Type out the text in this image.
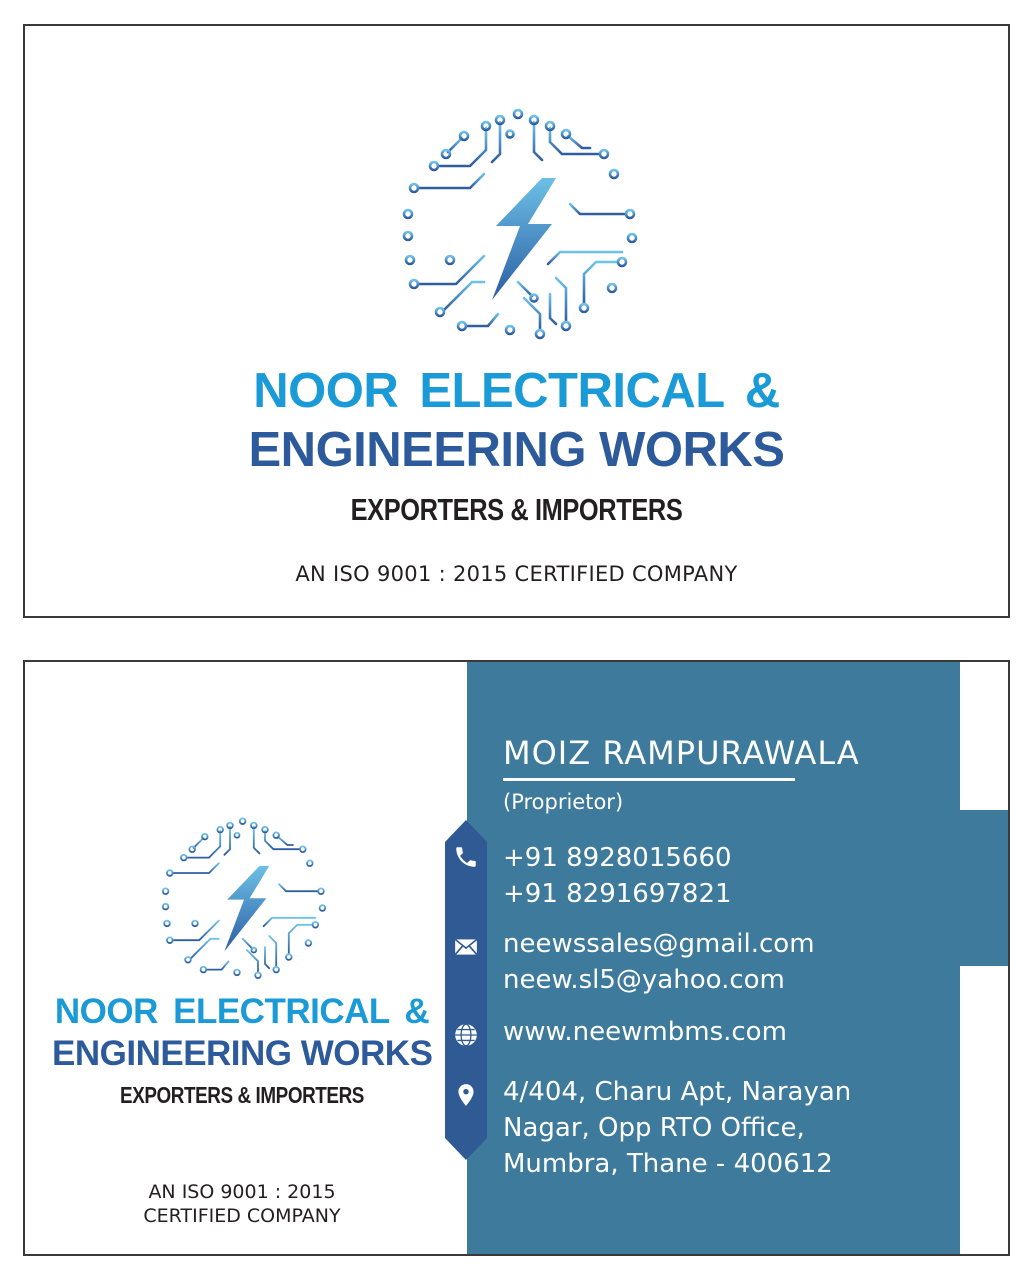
NOOR ELECTRICAL &
ENGINEERING WORKS
EXPORTERS & IMPORTERS
AN ISO 9001 : 2015 CERTIFIED COMPANY
NOOR ELECTRICAL &
ENGINEERING WORKS
EXPORTERS & IMPORTERS
AN ISO 9001 : 2015
CERTIFIED COMPANY
MOIZ RAMPURAWALA
(Proprietor)
+91 8928015660
+91 8291697821
neewssales@gmail.com
neew.sl5@yahoo.com
www.neewmbms.com
4/404, Charu Apt, Narayan
Nagar, Opp RTO Office,
Mumbra, Thane - 400612
